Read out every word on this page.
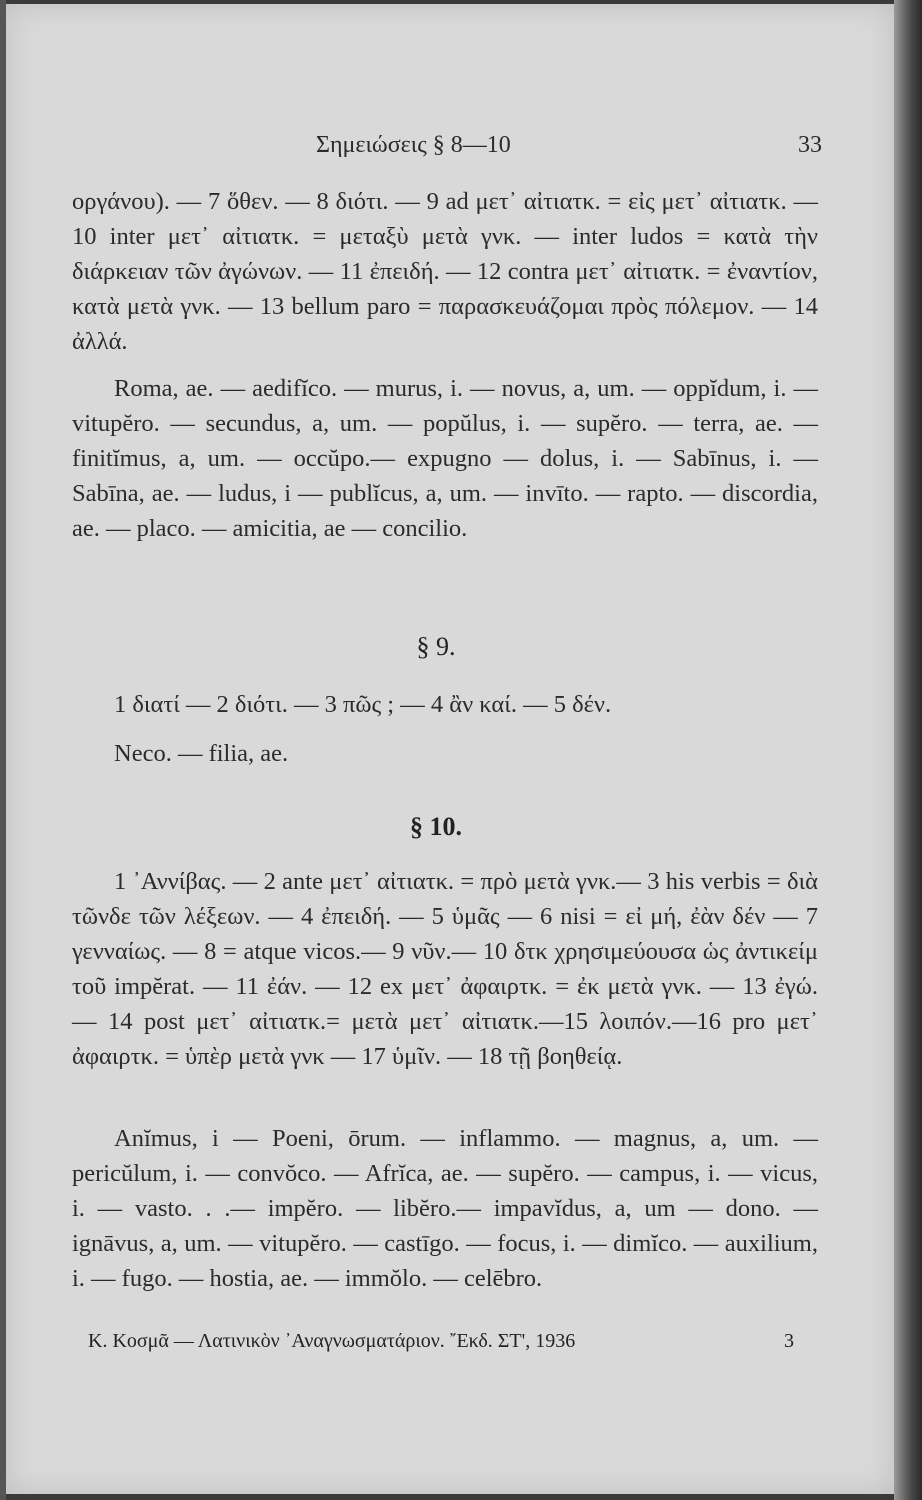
Σημειώσεις § 8—10	33

οργάνου). — 7 ὅθεν. — 8 διότι. — 9 ad μετ᾽ αἰτιατκ. = εἰς μετ᾽ αἰτιατκ. — 10 inter μετ᾽ αἰτιατκ. = μεταξὺ μετὰ γνκ. — inter ludos = κατὰ τὴν διάρκειαν τῶν ἀγώνων. — 11 ἐπειδή. — 12 contra μετ᾽ αἰτιατκ. = ἐναντίον, κατὰ μετὰ γνκ. — 13 bellum paro = παρασκευάζομαι πρὸς πόλεμον. — 14 ἀλλά.

Roma, ae. — aedifĭco. — murus, i. — novus, a, um. — oppĭdum, i. — vitupĕro. — secundus, a, um. — popŭlus, i. — supĕro. — terra, ae. — finitĭmus, a, um. — occŭpo.— expugno — dolus, i. — Sabīnus, i. — Sabīna, ae. — ludus, i — publĭcus, a, um. — invīto. — rapto. — discordia, ae. — placo. — amicitia, ae — concilio.

§ 9.

1 διατί — 2 διότι. — 3 πῶς ; — 4 ἂν καί. — 5 δέν.

Neco. — filia, ae.

§ 10.

1 ᾽Αννίβας. — 2 ante μετ᾽ αἰτιατκ. = πρὸ μετὰ γνκ.— 3 his verbis = διὰ τῶνδε τῶν λέξεων. — 4 ἐπειδή. — 5 ὑμᾶς — 6 nisi = εἰ μή, ἐὰν δέν — 7 γενναίως. — 8 = atque vicos.— 9 νῦν.— 10 δτκ χρησιμεύουσα ὡς ἀντικείμ τοῦ impĕrat. — 11 ἐάν. — 12 ex μετ᾽ ἀφαιρτκ. = ἐκ μετὰ γνκ. — 13 ἐγώ. — 14 post μετ᾽ αἰτιατκ.= μετὰ μετ᾽ αἰτιατκ.—15 λοιπόν.—16 pro μετ᾽ ἀφαιρτκ. = ὑπὲρ μετὰ γνκ — 17 ὑμῖν. — 18 τῇ βοηθείᾳ.

Anĭmus, i — Poeni, ōrum. — inflammo. — magnus, a, um. — pericŭlum, i. — convŏco. — Afrĭca, ae. — supĕro. — campus, i. — vicus, i. — vasto. . .— impĕro. — libĕro.— impavĭdus, a, um — dono. — ignāvus, a, um. — vitupĕro. — castīgo. — focus, i. — dimĭco. — auxilium, i. — fugo. — hostia, ae. — immŏlo. — celēbro.

Κ. Κοσμᾶ — Λατινικὸν ᾽Αναγνωσματάριον. ῎Εκδ. ΣΤ', 1936	3
